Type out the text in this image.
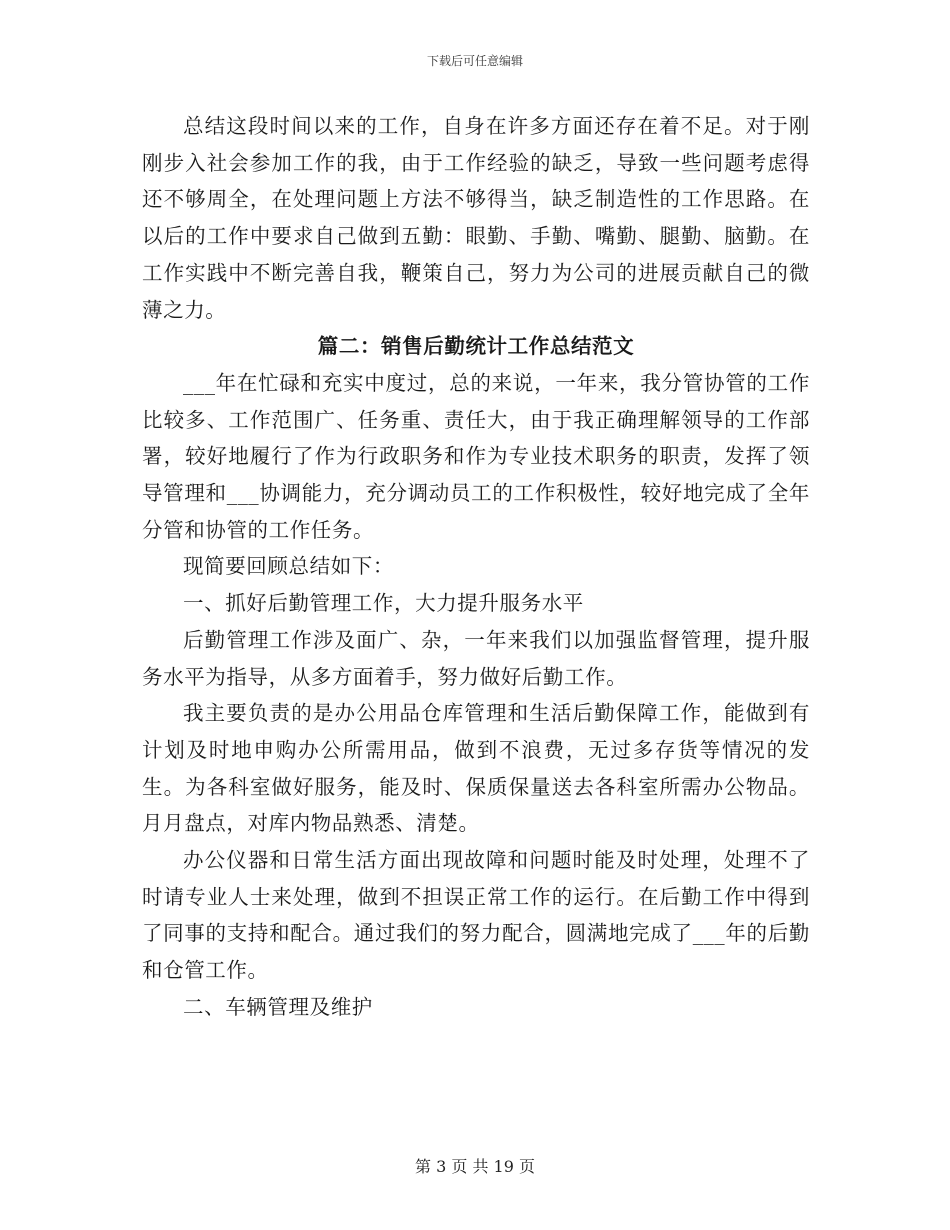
下载后可任意编辑

总结这段时间以来的工作，自身在许多方面还存在着不足。对于刚刚步入社会参加工作的我，由于工作经验的缺乏，导致一些问题考虑得还不够周全，在处理问题上方法不够得当，缺乏制造性的工作思路。在以后的工作中要求自己做到五勤：眼勤、手勤、嘴勤、腿勤、脑勤。在工作实践中不断完善自我，鞭策自己，努力为公司的进展贡献自己的微薄之力。

篇二：销售后勤统计工作总结范文

___年在忙碌和充实中度过，总的来说，一年来，我分管协管的工作比较多、工作范围广、任务重、责任大，由于我正确理解领导的工作部署，较好地履行了作为行政职务和作为专业技术职务的职责，发挥了领导管理和___协调能力，充分调动员工的工作积极性，较好地完成了全年分管和协管的工作任务。

现简要回顾总结如下：

一、抓好后勤管理工作，大力提升服务水平

后勤管理工作涉及面广、杂，一年来我们以加强监督管理，提升服务水平为指导，从多方面着手，努力做好后勤工作。

我主要负责的是办公用品仓库管理和生活后勤保障工作，能做到有计划及时地申购办公所需用品，做到不浪费，无过多存货等情况的发生。为各科室做好服务，能及时、保质保量送去各科室所需办公物品。月月盘点，对库内物品熟悉、清楚。

办公仪器和日常生活方面出现故障和问题时能及时处理，处理不了时请专业人士来处理，做到不担误正常工作的运行。在后勤工作中得到了同事的支持和配合。通过我们的努力配合，圆满地完成了___年的后勤和仓管工作。

二、车辆管理及维护

第 3 页 共 19 页
